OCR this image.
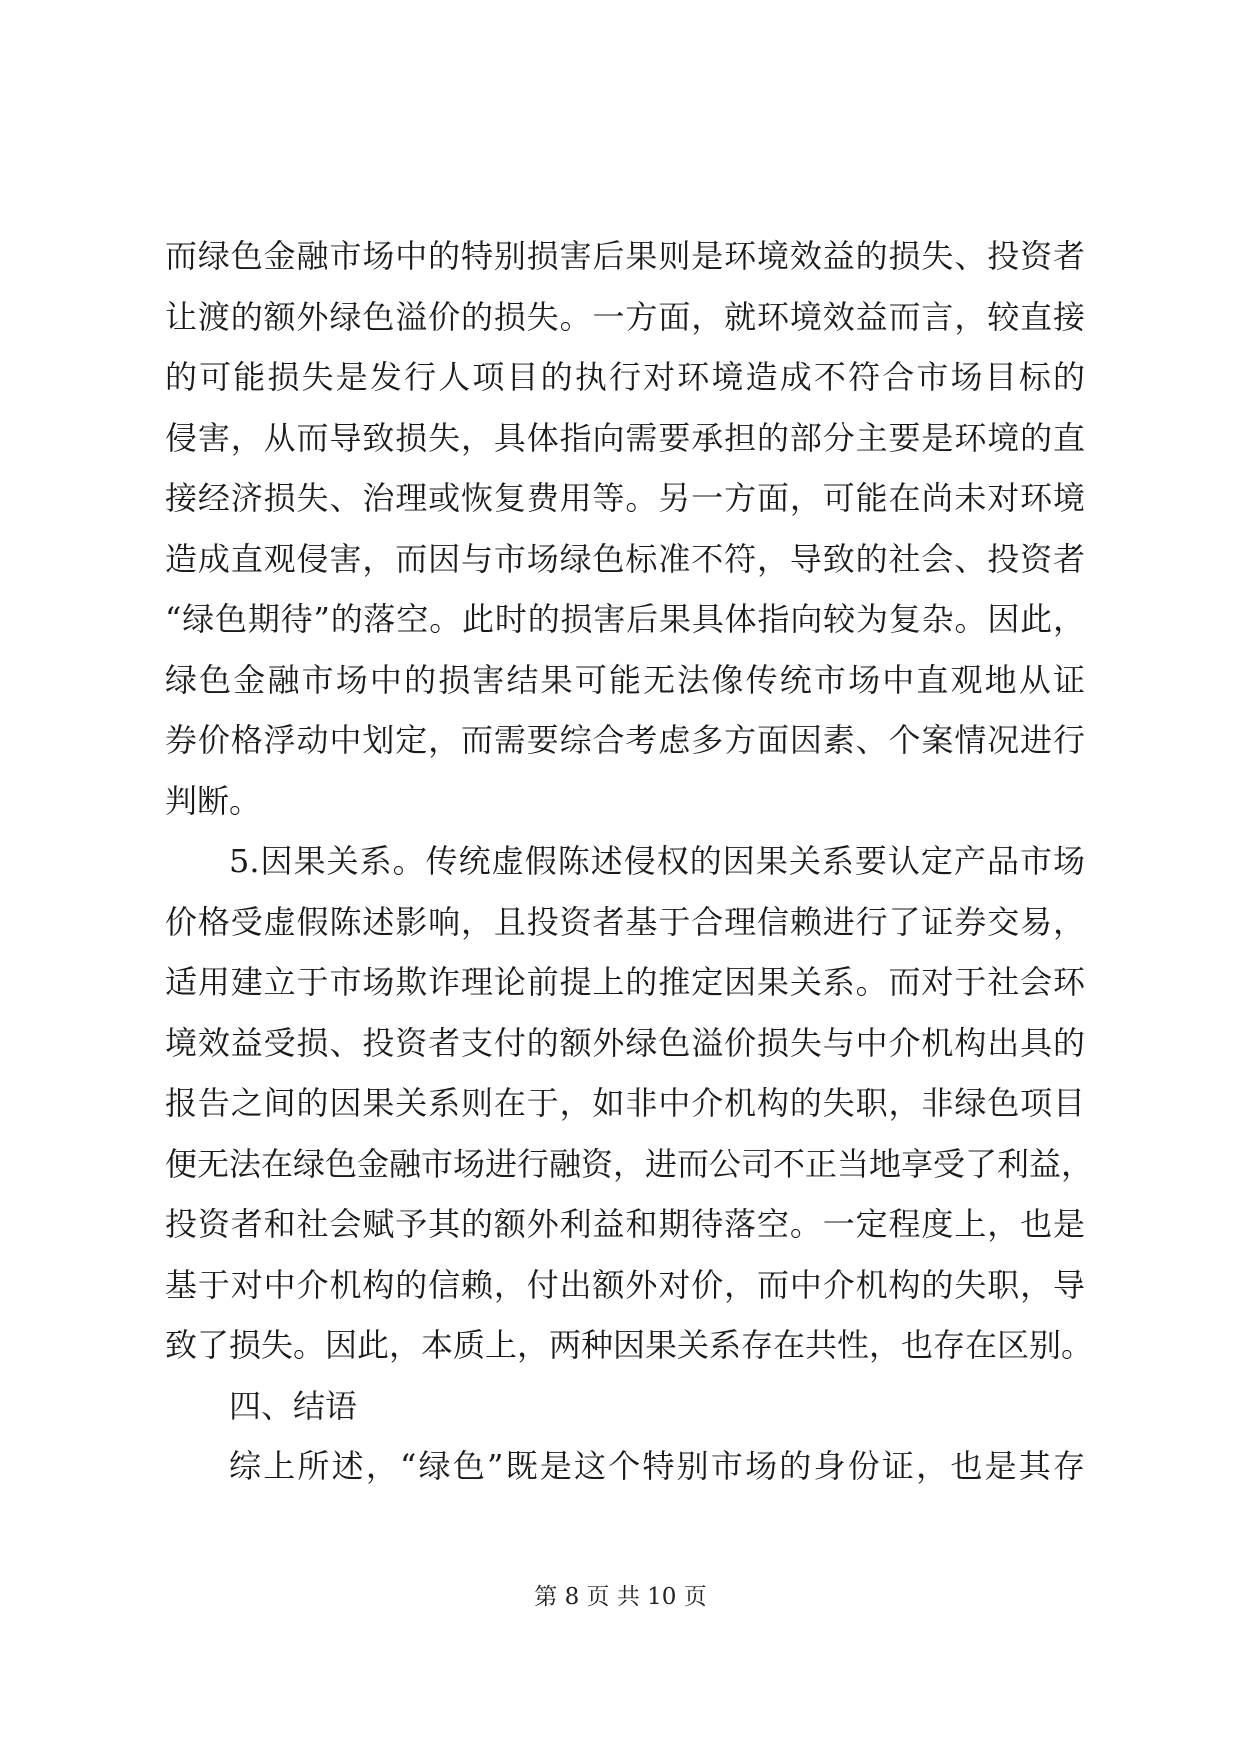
而绿色金融市场中的特别损害后果则是环境效益的损失、投资者
让渡的额外绿色溢价的损失。一方面，就环境效益而言，较直接
的可能损失是发行人项目的执行对环境造成不符合市场目标的
侵害，从而导致损失，具体指向需要承担的部分主要是环境的直
接经济损失、治理或恢复费用等。另一方面，可能在尚未对环境
造成直观侵害，而因与市场绿色标准不符，导致的社会、投资者
“绿色期待”的落空。此时的损害后果具体指向较为复杂。因此，
绿色金融市场中的损害结果可能无法像传统市场中直观地从证
券价格浮动中划定，而需要综合考虑多方面因素、个案情况进行
判断。
5.因果关系。传统虚假陈述侵权的因果关系要认定产品市场
价格受虚假陈述影响，且投资者基于合理信赖进行了证券交易，
适用建立于市场欺诈理论前提上的推定因果关系。而对于社会环
境效益受损、投资者支付的额外绿色溢价损失与中介机构出具的
报告之间的因果关系则在于，如非中介机构的失职，非绿色项目
便无法在绿色金融市场进行融资，进而公司不正当地享受了利益，
投资者和社会赋予其的额外利益和期待落空。一定程度上，也是
基于对中介机构的信赖，付出额外对价，而中介机构的失职，导
致了损失。因此，本质上，两种因果关系存在共性，也存在区别。
四、结语
综上所述，“绿色”既是这个特别市场的身份证，也是其存
第 8 页 共 10 页
